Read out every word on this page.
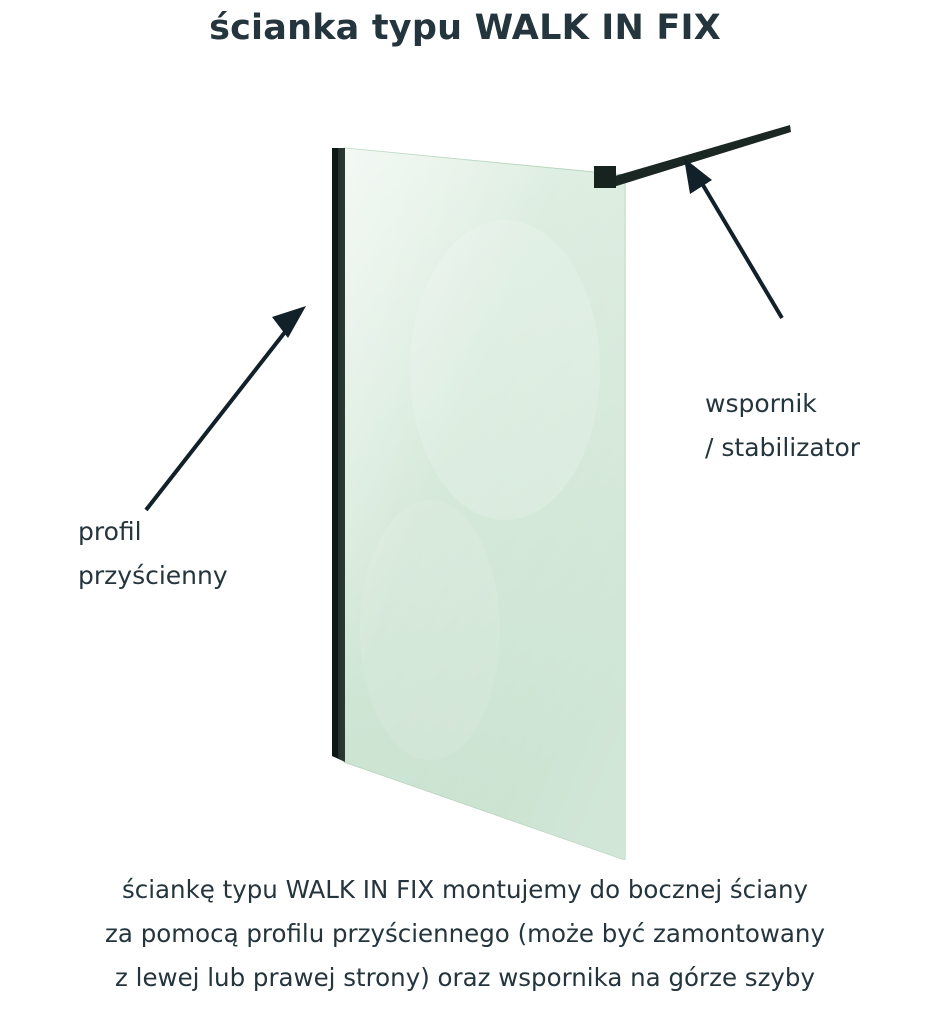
ścianka typu WALK IN FIX
profil
przyścienny
wspornik
/ stabilizator
ściankę typu WALK IN FIX montujemy do bocznej ściany
za pomocą profilu przyściennego (może być zamontowany
z lewej lub prawej strony) oraz wspornika na górze szyby
